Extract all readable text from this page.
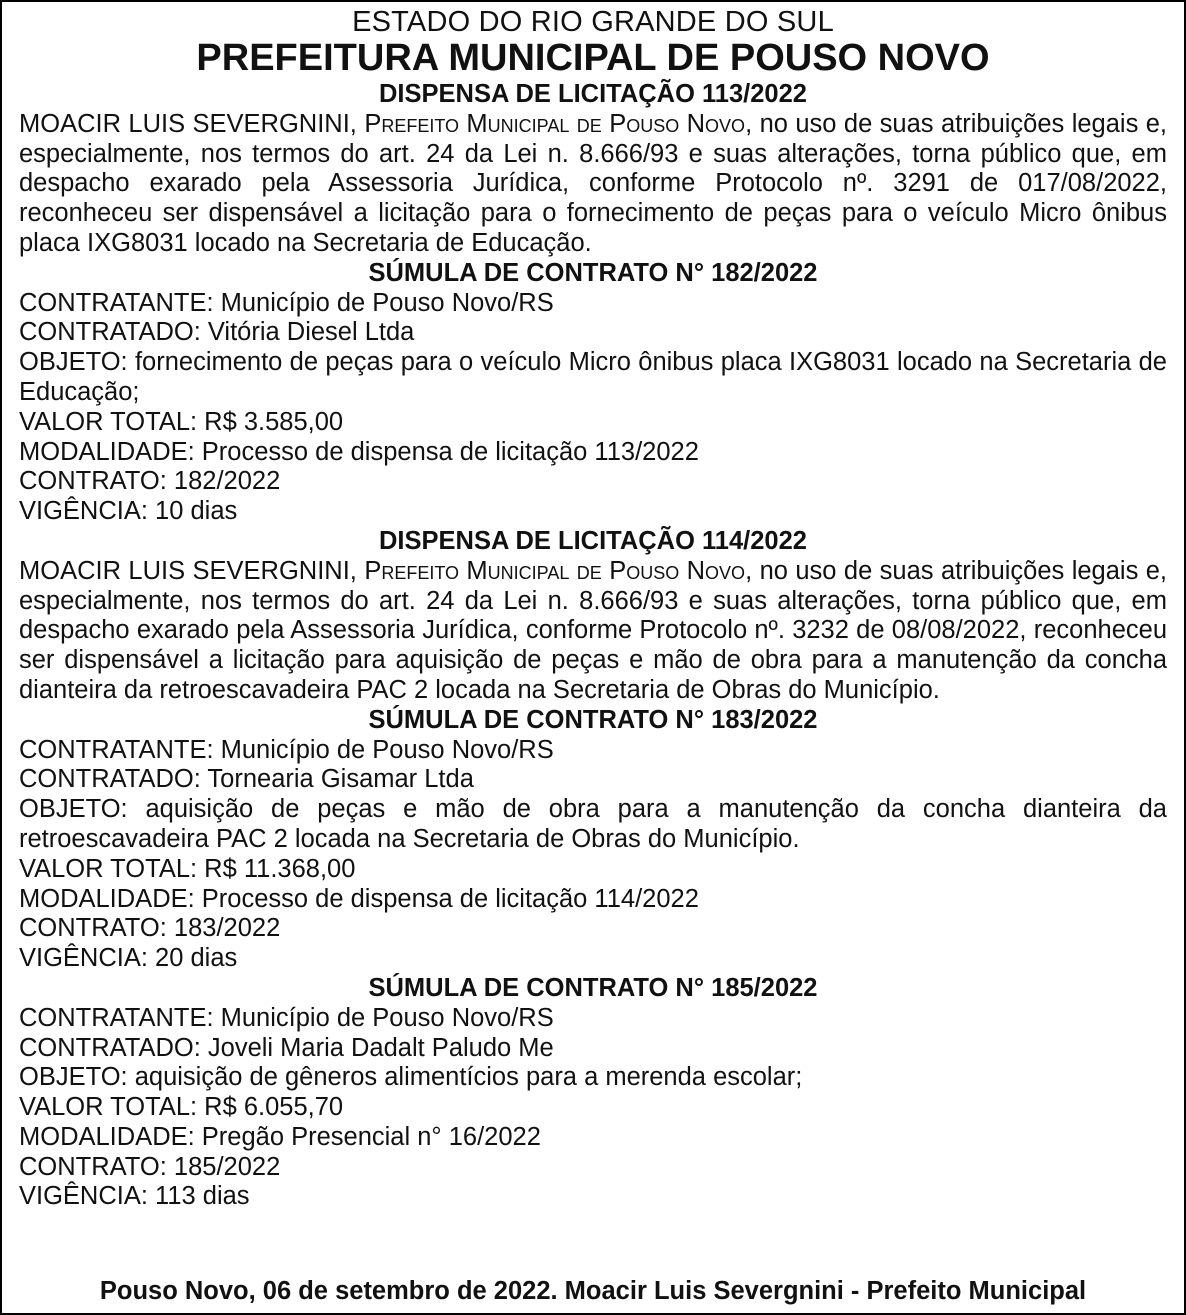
ESTADO DO RIO GRANDE DO SUL
PREFEITURA MUNICIPAL DE POUSO NOVO
DISPENSA DE LICITAÇÃO 113/2022
MOACIR LUIS SEVERGNINI, Prefeito Municipal de Pouso Novo, no uso de suas atribuições legais e, especialmente, nos termos do art. 24 da Lei n. 8.666/93 e suas alterações, torna público que, em despacho exarado pela Assessoria Jurídica, conforme Protocolo nº. 3291 de 017/08/2022, reconheceu ser dispensável a licitação para o fornecimento de peças para o veículo Micro ônibus placa IXG8031 locado na Secretaria de Educação.
SÚMULA DE CONTRATO N° 182/2022
CONTRATANTE: Município de Pouso Novo/RS
CONTRATADO: Vitória Diesel Ltda
OBJETO: fornecimento de peças para o veículo Micro ônibus placa IXG8031 locado na Secretaria de Educação;
VALOR TOTAL: R$ 3.585,00
MODALIDADE: Processo de dispensa de licitação 113/2022
CONTRATO: 182/2022
VIGÊNCIA: 10 dias
DISPENSA DE LICITAÇÃO 114/2022
MOACIR LUIS SEVERGNINI, Prefeito Municipal de Pouso Novo, no uso de suas atribuições legais e, especialmente, nos termos do art. 24 da Lei n. 8.666/93 e suas alterações, torna público que, em despacho exarado pela Assessoria Jurídica, conforme Protocolo nº. 3232 de 08/08/2022, reconheceu ser dispensável a licitação para aquisição de peças e mão de obra para a manutenção da concha dianteira da retroescavadeira PAC 2 locada na Secretaria de Obras do Município.
SÚMULA DE CONTRATO N° 183/2022
CONTRATANTE: Município de Pouso Novo/RS
CONTRATADO: Tornearia Gisamar Ltda
OBJETO: aquisição de peças e mão de obra para a manutenção da concha dianteira da retroescavadeira PAC 2 locada na Secretaria de Obras do Município.
VALOR TOTAL: R$ 11.368,00
MODALIDADE: Processo de dispensa de licitação 114/2022
CONTRATO: 183/2022
VIGÊNCIA: 20 dias
SÚMULA DE CONTRATO N° 185/2022
CONTRATANTE: Município de Pouso Novo/RS
CONTRATADO: Joveli Maria Dadalt Paludo Me
OBJETO: aquisição de gêneros alimentícios para a merenda escolar;
VALOR TOTAL: R$ 6.055,70
MODALIDADE: Pregão Presencial n° 16/2022
CONTRATO: 185/2022
VIGÊNCIA: 113 dias
Pouso Novo, 06 de setembro de 2022. Moacir Luis Severgnini - Prefeito Municipal
